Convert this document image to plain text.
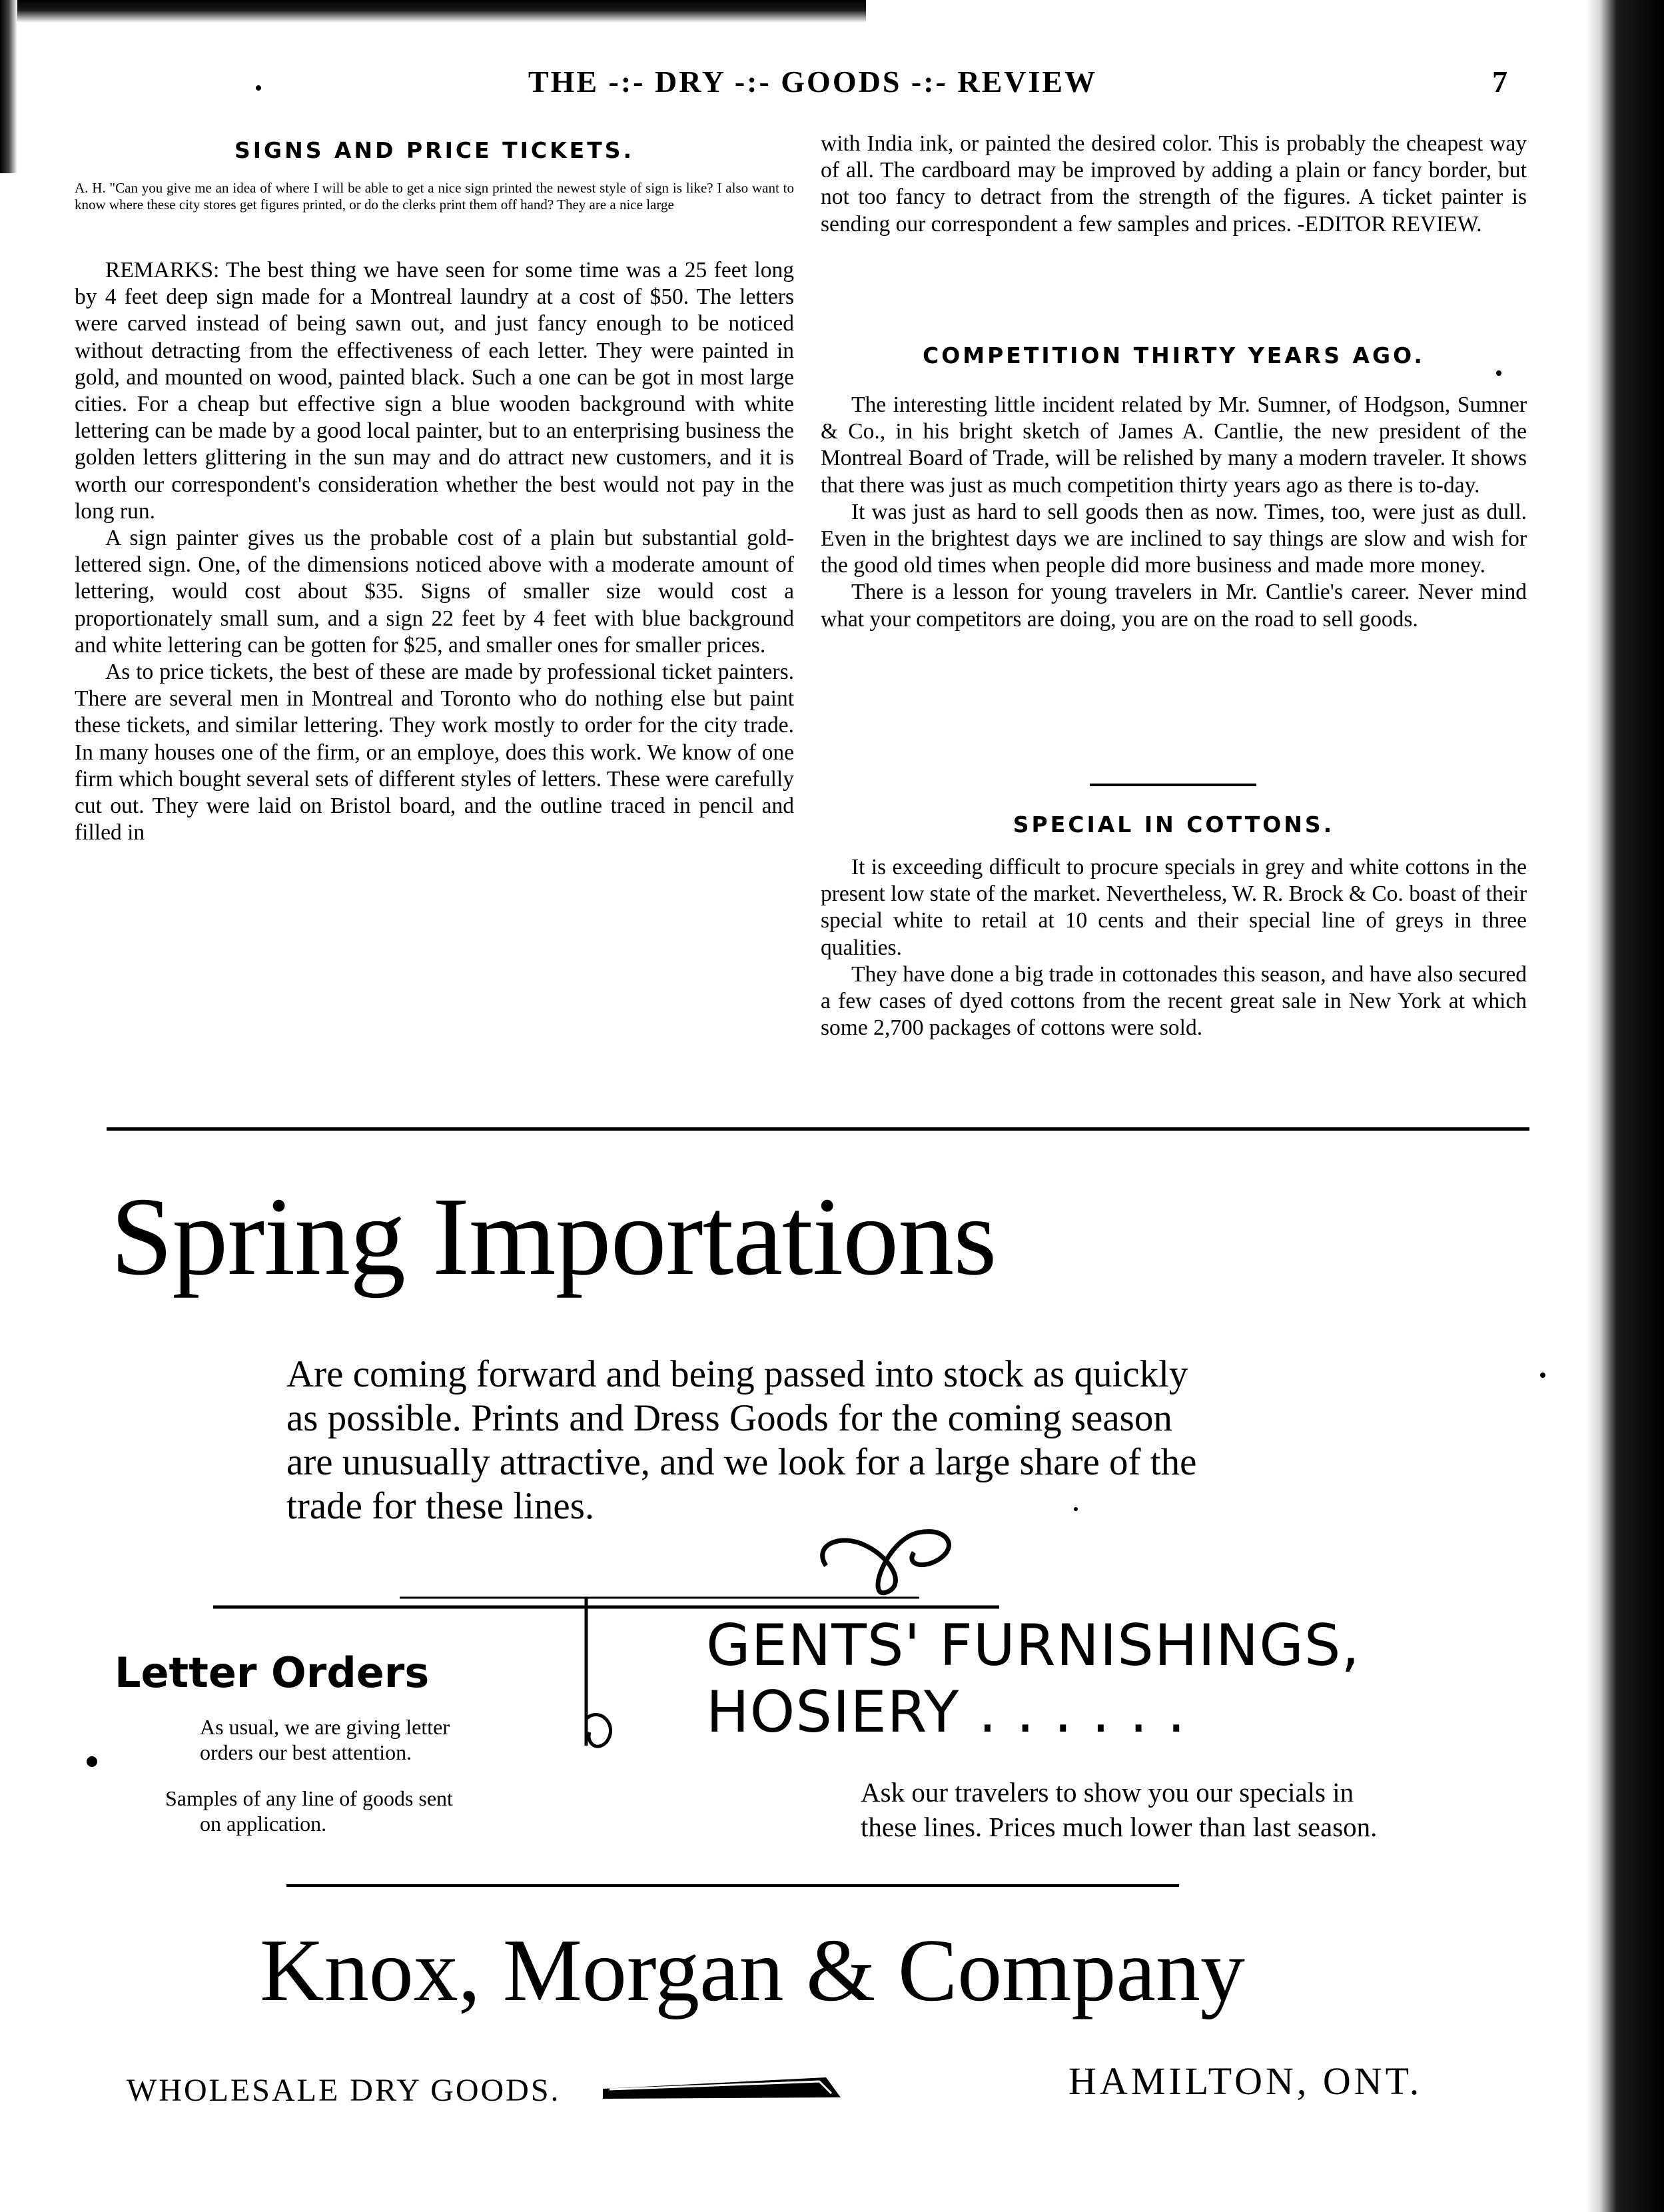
THE -:- DRY -:- GOODS -:- REVIEW	7
SIGNS AND PRICE TICKETS.
A. H. "Can you give me an idea of where I will be able to get a nice sign printed the newest style of sign is like? I also want to know where these city stores get figures printed, or do the clerks print them off hand? They are a nice large

REMARKS: The best thing we have seen for some time was a 25 feet long by 4 feet deep sign made for a Montreal laundry at a cost of $50. The letters were carved instead of being sawn out, and just fancy enough to be noticed without detracting from the effectiveness of each letter. They were painted in gold, and mounted on wood, painted black. Such a one can be got in most large cities. For a cheap but effective sign a blue wooden background with white lettering can be made by a good local painter, but to an enterprising business the golden letters glittering in the sun may and do attract new customers, and it is worth our correspondent's consideration whether the best would not pay in the long run.

A sign painter gives us the probable cost of a plain but substantial gold-lettered sign. One, of the dimensions noticed above with a moderate amount of lettering, would cost about $35. Signs of smaller size would cost a proportionately small sum, and a sign 22 feet by 4 feet with blue background and white lettering can be gotten for $25, and smaller ones for smaller prices.

As to price tickets, the best of these are made by professional ticket painters. There are several men in Montreal and Toronto who do nothing else but paint these tickets, and similar lettering. They work mostly to order for the city trade. In many houses one of the firm, or an employe, does this work. We know of one firm which bought several sets of different styles of letters. These were carefully cut out. They were laid on Bristol board, and the outline traced in pencil and filled in

with India ink, or painted the desired color. This is probably the cheapest way of all. The cardboard may be improved by adding a plain or fancy border, but not too fancy to detract from the strength of the figures. A ticket painter is sending our correspondent a few samples and prices. -EDITOR REVIEW.

COMPETITION THIRTY YEARS AGO.

The interesting little incident related by Mr. Sumner, of Hodgson, Sumner & Co., in his bright sketch of James A. Cantlie, the new president of the Montreal Board of Trade, will be relished by many a modern traveler. It shows that there was just as much competition thirty years ago as there is to-day.

It was just as hard to sell goods then as now. Times, too, were just as dull. Even in the brightest days we are inclined to say things are slow and wish for the good old times when people did more business and made more money.

There is a lesson for young travelers in Mr. Cantlie's career. Never mind what your competitors are doing, you are on the road to sell goods.

SPECIAL IN COTTONS.

It is exceeding difficult to procure specials in grey and white cottons in the present low state of the market. Nevertheless, W. R. Brock & Co. boast of their special white to retail at 10 cents and their special line of greys in three qualities.

They have done a big trade in cottonades this season, and have also secured a few cases of dyed cottons from the recent great sale in New York at which some 2,700 packages of cottons were sold.

Spring Importations
Are coming forward and being passed into stock as quickly
as possible. Prints and Dress Goods for the coming season
are unusually attractive, and we look for a large share of the
trade for these lines.
Letter Orders
As usual, we are giving letter
orders our best attention.
Samples of any line of goods sent
on application.
GENTS' FURNISHINGS,
HOSIERY . . . . . .
Ask our travelers to show you our specials in
these lines. Prices much lower than last season.
Knox, Morgan & Company
WHOLESALE DRY GOODS.	HAMILTON, ONT.
